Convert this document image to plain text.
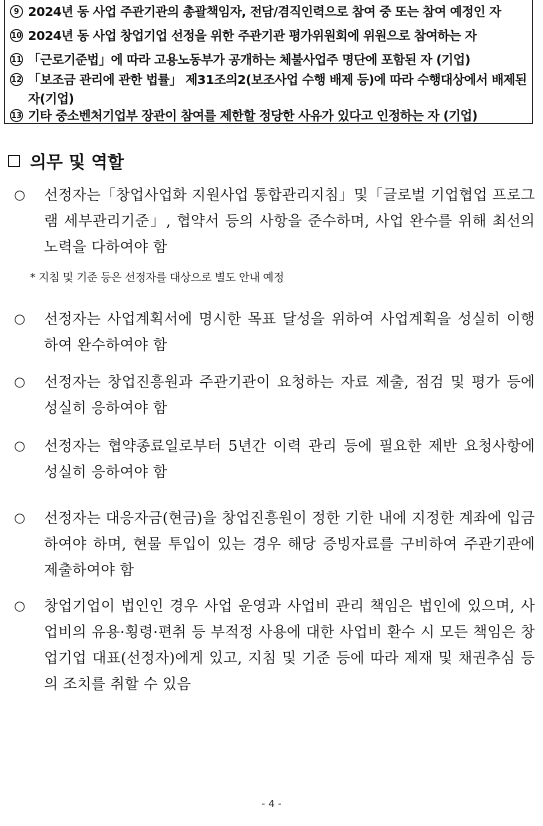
9 2024년 동 사업 주관기관의 총괄책임자, 전담/겸직인력으로 참여 중 또는 참여 예정인 자
10 2024년 동 사업 창업기업 선정을 위한 주관기관 평가위원회에 위원으로 참여하는 자
11 「근로기준법」에 따라 고용노동부가 공개하는 체불사업주 명단에 포함된 자 (기업)
12 「보조금 관리에 관한 법률」 제31조의2(보조사업 수행 배제 등)에 따라 수행대상에서 배제된 자(기업)
13 기타 중소벤처기업부 장관이 참여를 제한할 정당한 사유가 있다고 인정하는 자 (기업)
의무 및 역할
○	선정자는「창업사업화 지원사업 통합관리지침」및「글로벌 기업협업 프로그램 세부관리기준」, 협약서 등의 사항을 준수하며, 사업 완수를 위해 최선의 노력을 다하여야 함
* 지침 및 기준 등은 선정자를 대상으로 별도 안내 예정
○	선정자는 사업계획서에 명시한 목표 달성을 위하여 사업계획을 성실히 이행하여 완수하여야 함
○	선정자는 창업진흥원과 주관기관이 요청하는 자료 제출, 점검 및 평가 등에 성실히 응하여야 함
○	선정자는 협약종료일로부터 5년간 이력 관리 등에 필요한 제반 요청사항에 성실히 응하여야 함
○	선정자는 대응자금(현금)을 창업진흥원이 정한 기한 내에 지정한 계좌에 입금하여야 하며, 현물 투입이 있는 경우 해당 증빙자료를 구비하여 주관기관에 제출하여야 함
○	창업기업이 법인인 경우 사업 운영과 사업비 관리 책임은 법인에 있으며, 사업비의 유용·횡령·편취 등 부적정 사용에 대한 사업비 환수 시 모든 책임은 창업기업 대표(선정자)에게 있고, 지침 및 기준 등에 따라 제재 및 채권추심 등의 조치를 취할 수 있음
- 4 -
